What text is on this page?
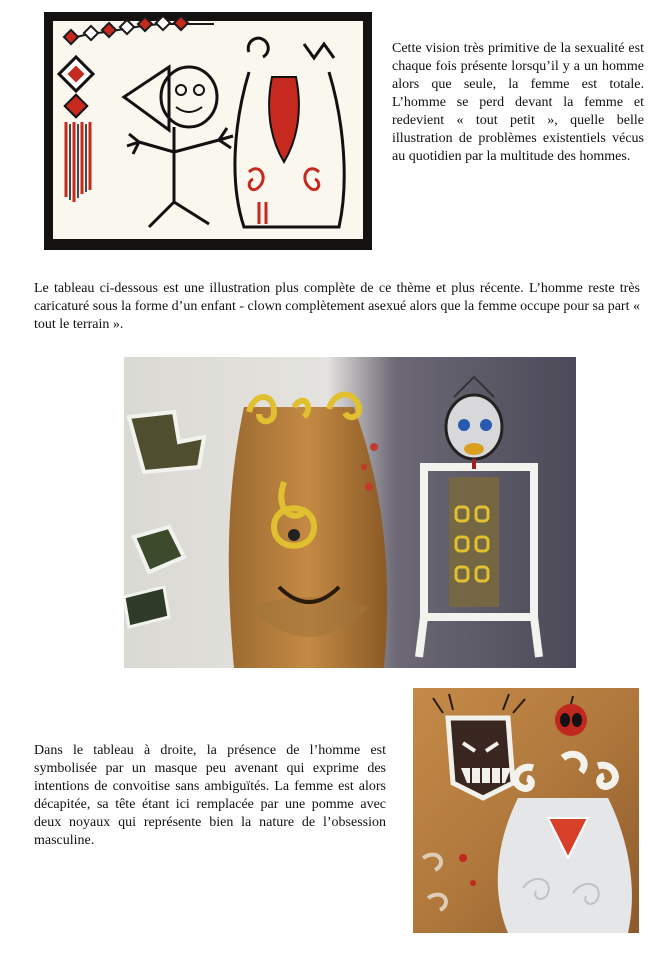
Cette vision très primitive de la sexualité est chaque fois présente lorsqu’il y a un homme alors que seule, la femme est totale. L’homme se perd devant la femme et redevient « tout petit », quelle belle illustration de problèmes existentiels vécus au quotidien par la multitude des hommes.

Le tableau ci-dessous est une illustration plus complète de ce thème et plus récente. L’homme reste très caricaturé sous la forme d’un enfant - clown complètement asexué alors que la femme occupe pour sa part « tout le terrain ».

Dans le tableau à droite, la présence de l’homme est symbolisée par un masque peu avenant qui exprime des intentions de convoitise sans ambiguïtés. La femme est alors décapitée, sa tête étant ici remplacée par une pomme avec deux noyaux qui représente bien la nature de l’obsession masculine.
